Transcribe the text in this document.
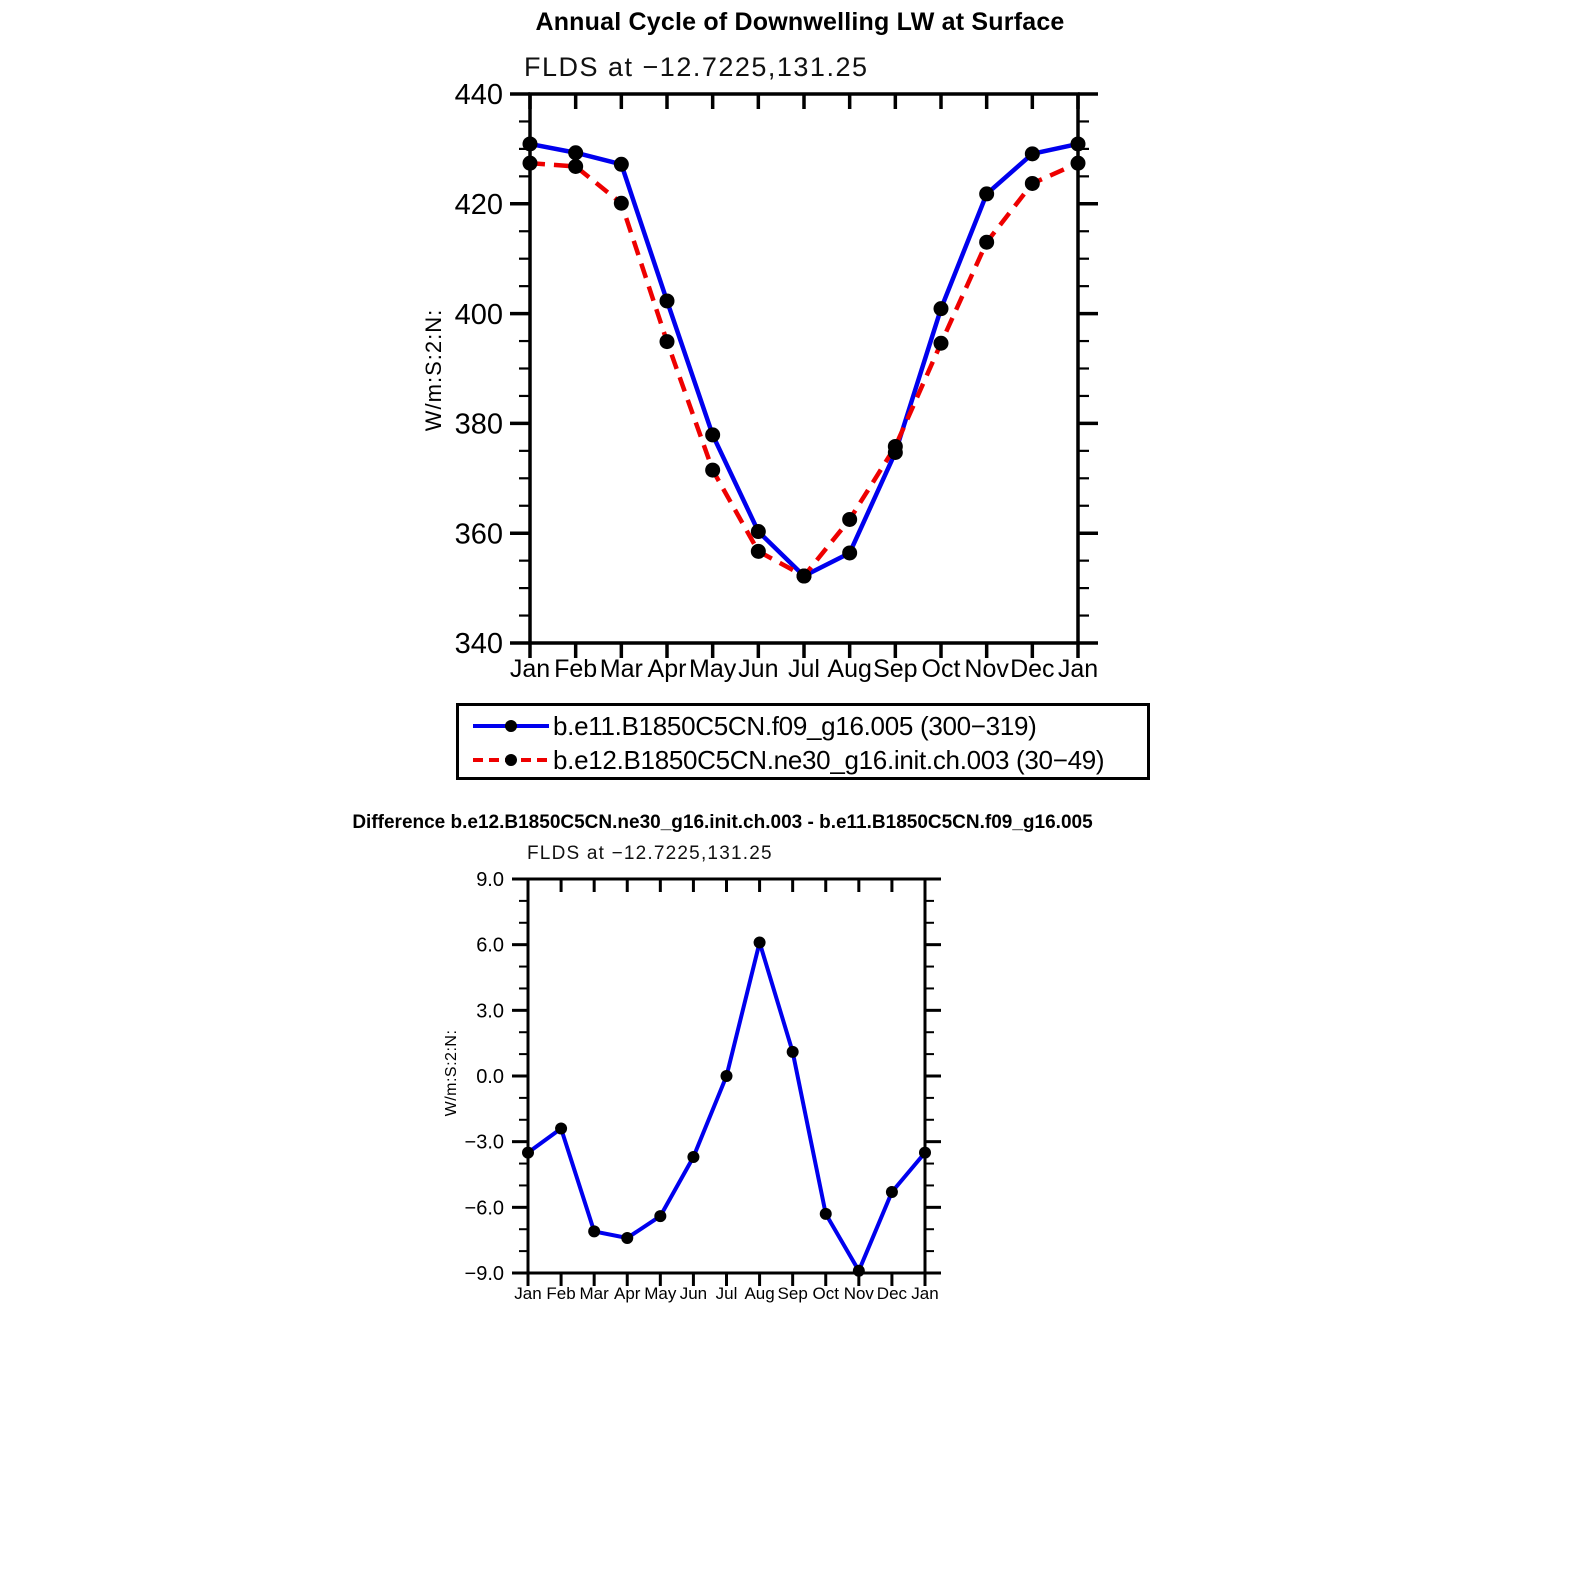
Annual Cycle of Downwelling LW at Surface
FLDS at −12.7225,131.25
W/m:S:2:N:
340
360
380
400
420
440
Jan Feb Mar Apr May Jun Jul Aug Sep Oct Nov Dec Jan
b.e11.B1850C5CN.f09_g16.005 (300−319)
b.e12.B1850C5CN.ne30_g16.init.ch.003 (30−49)
Difference b.e12.B1850C5CN.ne30_g16.init.ch.003 - b.e11.B1850C5CN.f09_g16.005
FLDS at −12.7225,131.25
W/m:S:2:N:
−9.0
−6.0
−3.0
0.0
3.0
6.0
9.0
Jan Feb Mar Apr May Jun Jul Aug Sep Oct Nov Dec Jan
